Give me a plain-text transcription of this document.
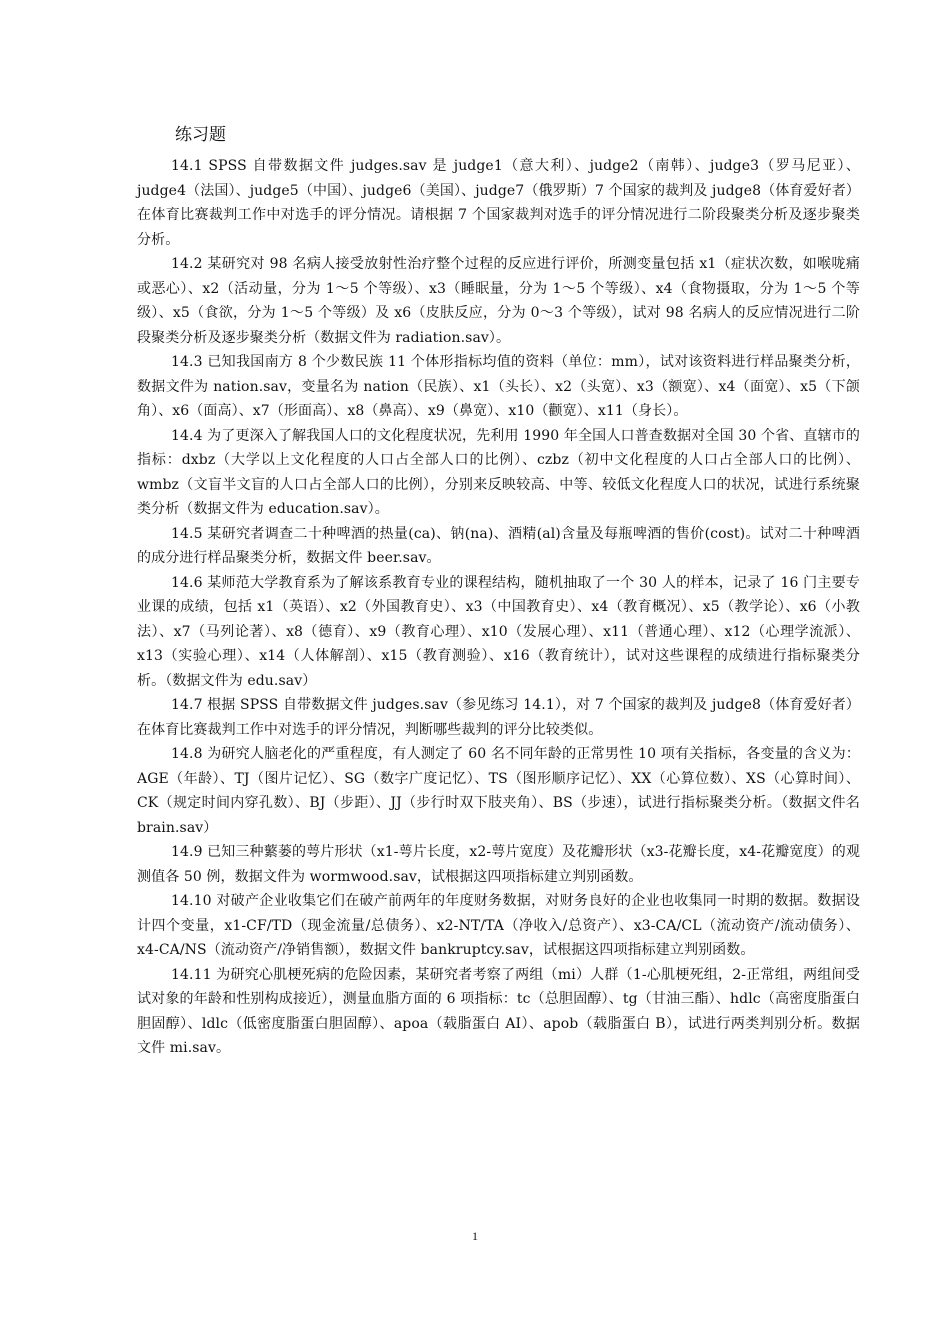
练习题

14.1 SPSS 自带数据文件 judges.sav 是 judge1（意大利）、judge2（南韩）、judge3（罗马尼亚）、judge4（法国）、judge5（中国）、judge6（美国）、judge7（俄罗斯）7 个国家的裁判及 judge8（体育爱好者）在体育比赛裁判工作中对选手的评分情况。请根据 7 个国家裁判对选手的评分情况进行二阶段聚类分析及逐步聚类分析。

14.2 某研究对 98 名病人接受放射性治疗整个过程的反应进行评价，所测变量包括 x1（症状次数，如喉咙痛或恶心）、x2（活动量，分为 1～5 个等级）、x3（睡眠量，分为 1～5 个等级）、x4（食物摄取，分为 1～5 个等级）、x5（食欲，分为 1～5 个等级）及 x6（皮肤反应，分为 0～3 个等级），试对 98 名病人的反应情况进行二阶段聚类分析及逐步聚类分析（数据文件为 radiation.sav）。

14.3 已知我国南方 8 个少数民族 11 个体形指标均值的资料（单位：mm），试对该资料进行样品聚类分析，数据文件为 nation.sav，变量名为 nation（民族）、x1（头长）、x2（头宽）、x3（额宽）、x4（面宽）、x5（下颌角）、x6（面高）、x7（形面高）、x8（鼻高）、x9（鼻宽）、x10（颧宽）、x11（身长）。

14.4 为了更深入了解我国人口的文化程度状况，先利用 1990 年全国人口普查数据对全国 30 个省、直辖市的指标：dxbz（大学以上文化程度的人口占全部人口的比例）、czbz（初中文化程度的人口占全部人口的比例）、wmbz（文盲半文盲的人口占全部人口的比例），分别来反映较高、中等、较低文化程度人口的状况，试进行系统聚类分析（数据文件为 education.sav）。

14.5 某研究者调查二十种啤酒的热量(ca)、钠(na)、酒精(al)含量及每瓶啤酒的售价(cost)。试对二十种啤酒的成分进行样品聚类分析，数据文件 beer.sav。

14.6 某师范大学教育系为了解该系教育专业的课程结构，随机抽取了一个 30 人的样本，记录了 16 门主要专业课的成绩，包括 x1（英语）、x2（外国教育史）、x3（中国教育史）、x4（教育概况）、x5（教学论）、x6（小教法）、x7（马列论著）、x8（德育）、x9（教育心理）、x10（发展心理）、x11（普通心理）、x12（心理学流派）、x13（实验心理）、x14（人体解剖）、x15（教育测验）、x16（教育统计），试对这些课程的成绩进行指标聚类分析。（数据文件为 edu.sav）

14.7 根据 SPSS 自带数据文件 judges.sav（参见练习 14.1），对 7 个国家的裁判及 judge8（体育爱好者）在体育比赛裁判工作中对选手的评分情况，判断哪些裁判的评分比较类似。

14.8 为研究人脑老化的严重程度，有人测定了 60 名不同年龄的正常男性 10 项有关指标，各变量的含义为：AGE（年龄）、TJ（图片记忆）、SG（数字广度记忆）、TS（图形顺序记忆）、XX（心算位数）、XS（心算时间）、CK（规定时间内穿孔数）、BJ（步距）、JJ（步行时双下肢夹角）、BS（步速），试进行指标聚类分析。（数据文件名 brain.sav）

14.9 已知三种蘩蒌的萼片形状（x1-萼片长度，x2-萼片宽度）及花瓣形状（x3-花瓣长度，x4-花瓣宽度）的观测值各 50 例，数据文件为 wormwood.sav，试根据这四项指标建立判别函数。

14.10 对破产企业收集它们在破产前两年的年度财务数据，对财务良好的企业也收集同一时期的数据。数据设计四个变量，x1-CF/TD（现金流量/总债务）、x2-NT/TA（净收入/总资产）、x3-CA/CL（流动资产/流动债务）、x4-CA/NS（流动资产/净销售额），数据文件 bankruptcy.sav，试根据这四项指标建立判别函数。

14.11 为研究心肌梗死病的危险因素，某研究者考察了两组（mi）人群（1-心肌梗死组，2-正常组，两组间受试对象的年龄和性别构成接近），测量血脂方面的 6 项指标：tc（总胆固醇）、tg（甘油三酯）、hdlc（高密度脂蛋白胆固醇）、ldlc（低密度脂蛋白胆固醇）、apoa（载脂蛋白 AI）、apob（载脂蛋白 B），试进行两类判别分析。数据文件 mi.sav。

1
